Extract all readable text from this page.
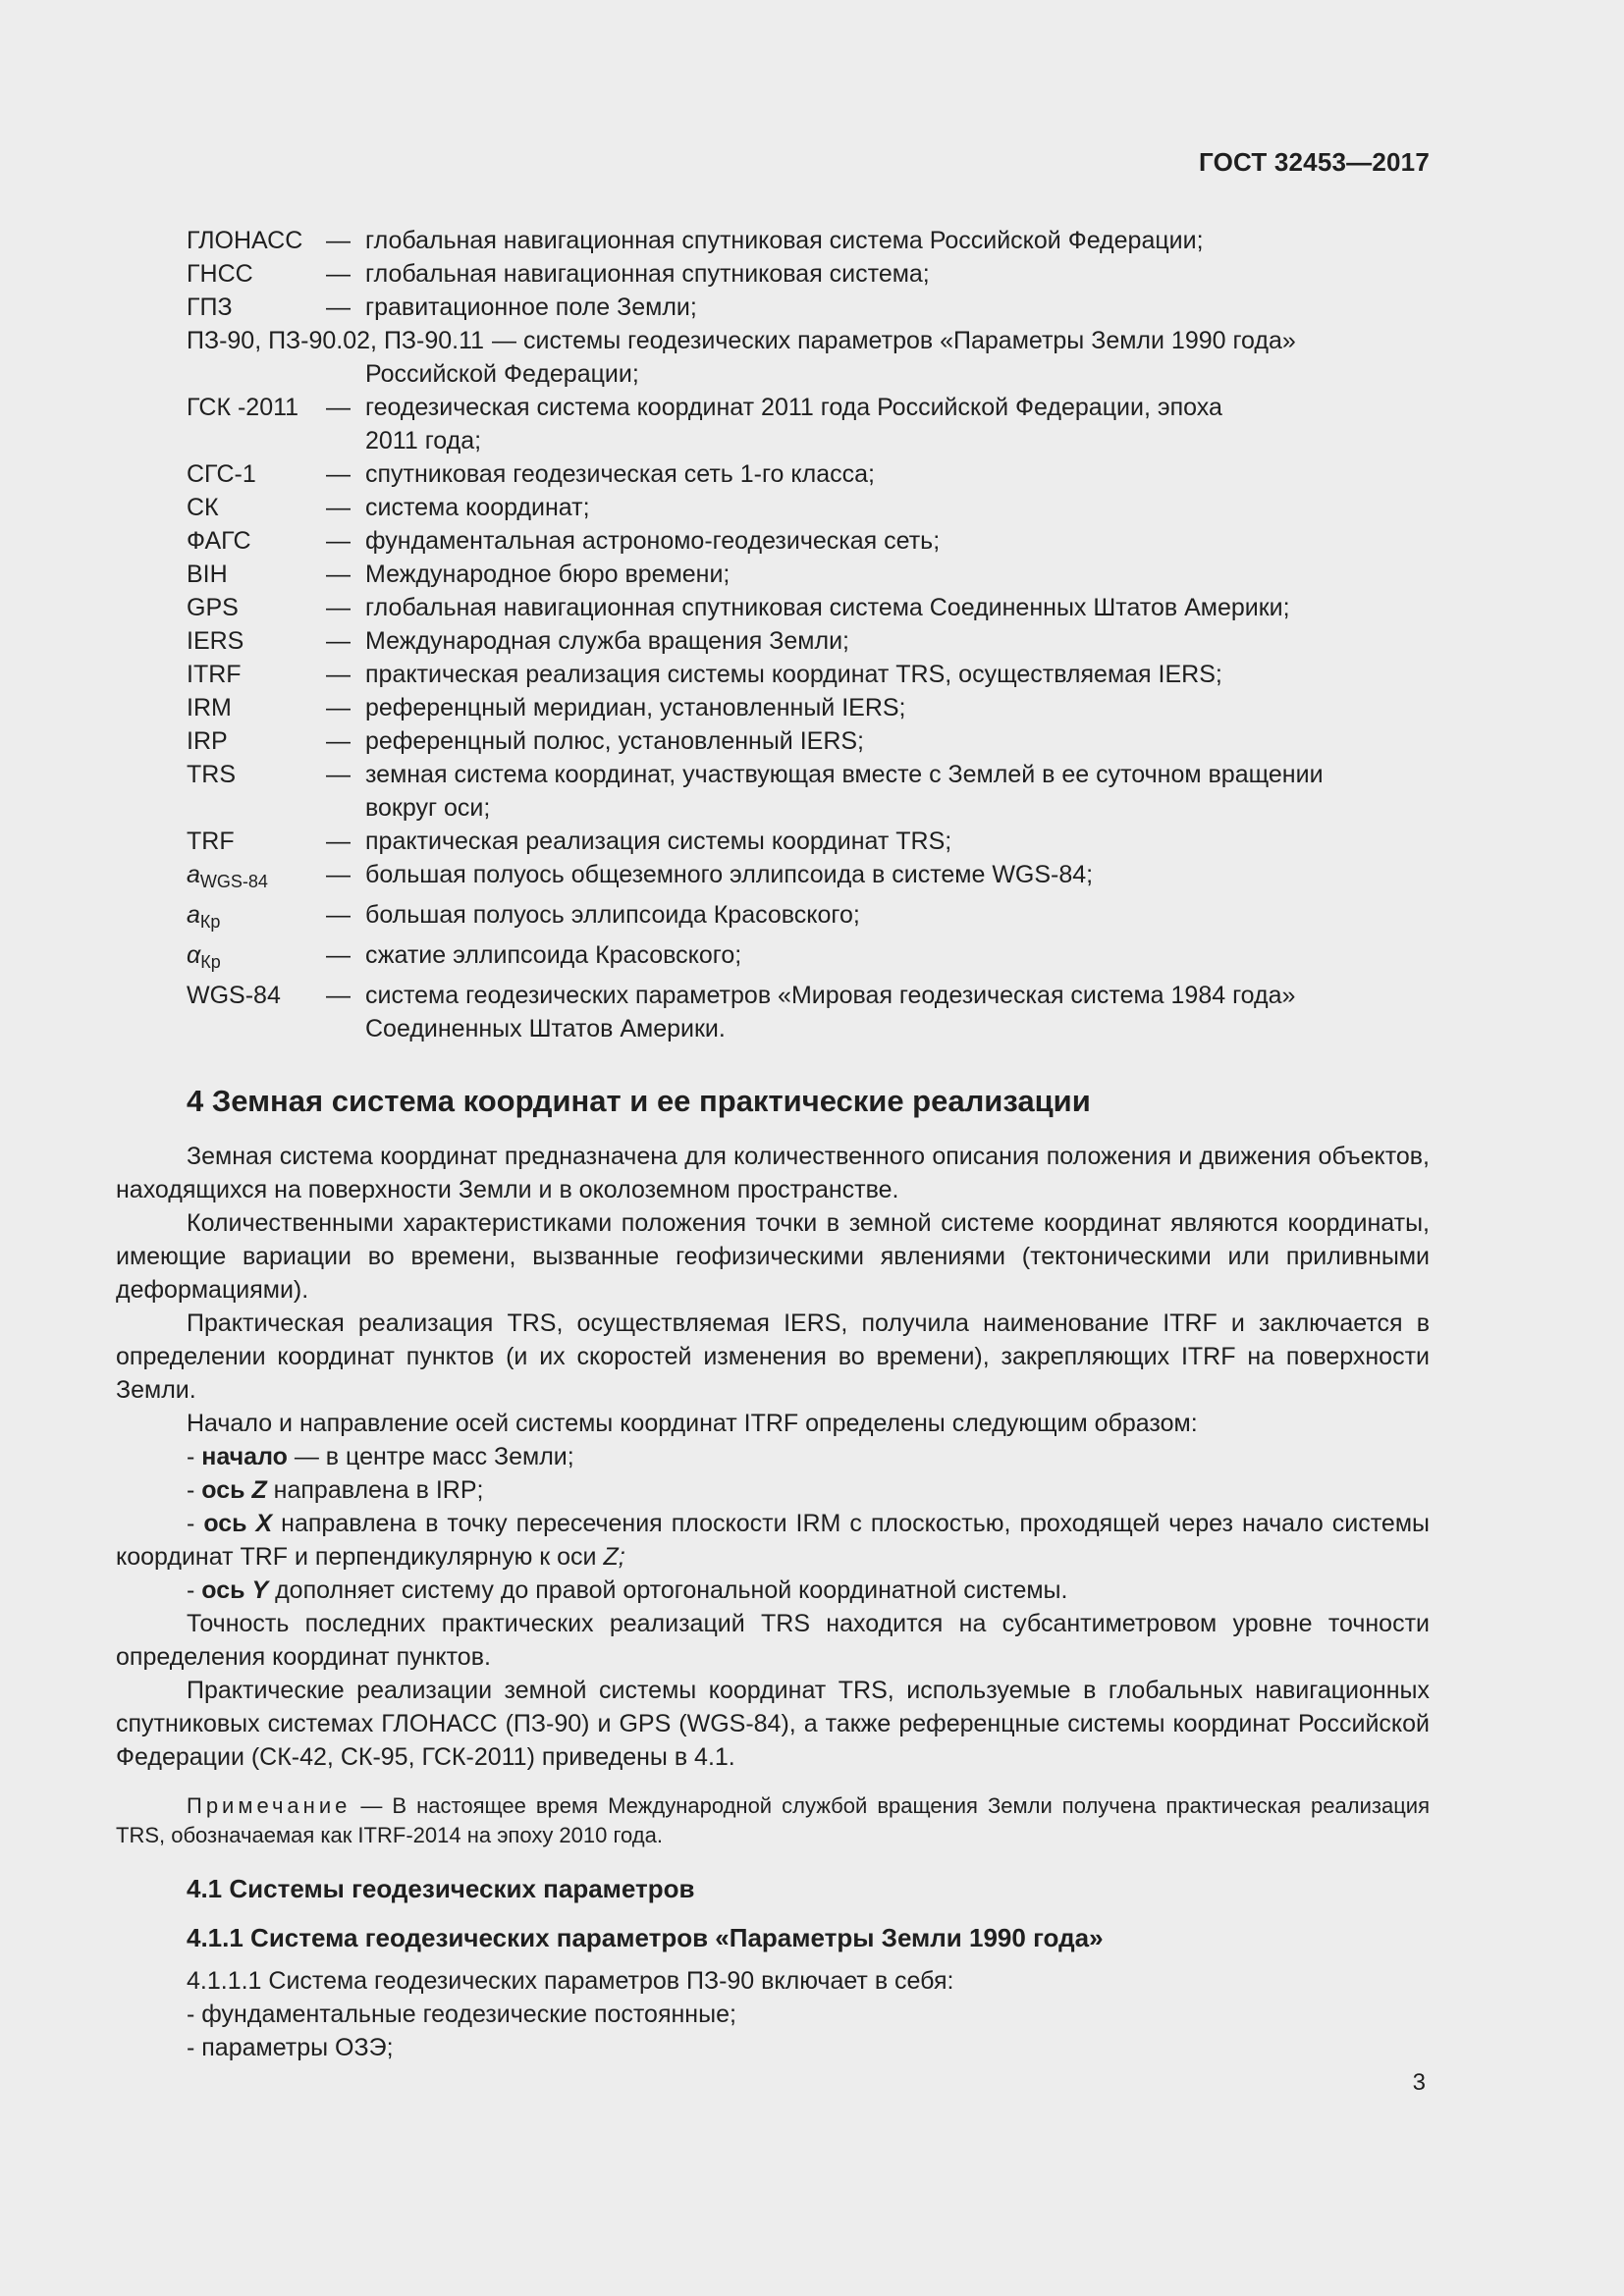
ГОСТ 32453—2017
ГЛОНАСС — глобальная навигационная спутниковая система Российской Федерации;
ГНСС	— глобальная навигационная спутниковая система;
ГПЗ	— гравитационное поле Земли;
ПЗ-90, ПЗ-90.02, ПЗ-90.11 — системы геодезических параметров «Параметры Земли 1990 года»
Российской Федерации;
ГСК -2011	— геодезическая система координат 2011 года Российской Федерации, эпоха
2011 года;
СГС-1	— спутниковая геодезическая сеть 1-го класса;
СК	— система координат;
ФАГС	— фундаментальная астрономо-геодезическая сеть;
BIH	— Международное бюро времени;
GPS	— глобальная навигационная спутниковая система Соединенных Штатов Америки;
IERS	— Международная служба вращения Земли;
ITRF	— практическая реализация системы координат TRS, осуществляемая IERS;
IRM	— референцный меридиан, установленный IERS;
IRP	— референцный полюс, установленный IERS;
TRS	— земная система координат, участвующая вместе с Землей в ее суточном вращении
вокруг оси;
TRF	— практическая реализация системы координат TRS;
$a_{WGS-84}$	— большая полуось общеземного эллипсоида в системе WGS-84;
$a_{Кр}$	— большая полуось эллипсоида Красовского;
$\alpha_{Кр}$	— сжатие эллипсоида Красовского;
WGS-84	— система геодезических параметров «Мировая геодезическая система 1984 года»
Соединенных Штатов Америки.
4 Земная система координат и ее практические реализации

Земная система координат предназначена для количественного описания положения и движения объектов, находящихся на поверхности Земли и в околоземном пространстве.

Количественными характеристиками положения точки в земной системе координат являются координаты, имеющие вариации во времени, вызванные геофизическими явлениями (тектоническими или приливными деформациями).

Практическая реализация TRS, осуществляемая IERS, получила наименование ITRF и заключается в определении координат пунктов (и их скоростей изменения во времени), закрепляющих ITRF на поверхности Земли.

Начало и направление осей системы координат ITRF определены следующим образом:

- начало — в центре масс Земли;

- ось Z направлена в IRP;

- ось X направлена в точку пересечения плоскости IRM с плоскостью, проходящей через начало системы координат TRF и перпендикулярную к оси Z;

- ось Y дополняет систему до правой ортогональной координатной системы.

Точность последних практических реализаций TRS находится на субсантиметровом уровне точности определения координат пунктов.

Практические реализации земной системы координат TRS, используемые в глобальных навигационных спутниковых системах ГЛОНАСС (ПЗ-90) и GPS (WGS-84), а также референцные системы координат Российской Федерации (СК-42, СК-95, ГСК-2011) приведены в 4.1.

Примечание — В настоящее время Международной службой вращения Земли получена практическая реализация TRS, обозначаемая как ITRF-2014 на эпоху 2010 года.

4.1 Системы геодезических параметров
4.1.1 Система геодезических параметров «Параметры Земли 1990 года»

4.1.1.1 Система геодезических параметров ПЗ-90 включает в себя:

- фундаментальные геодезические постоянные;

- параметры ОЗЭ;

3
